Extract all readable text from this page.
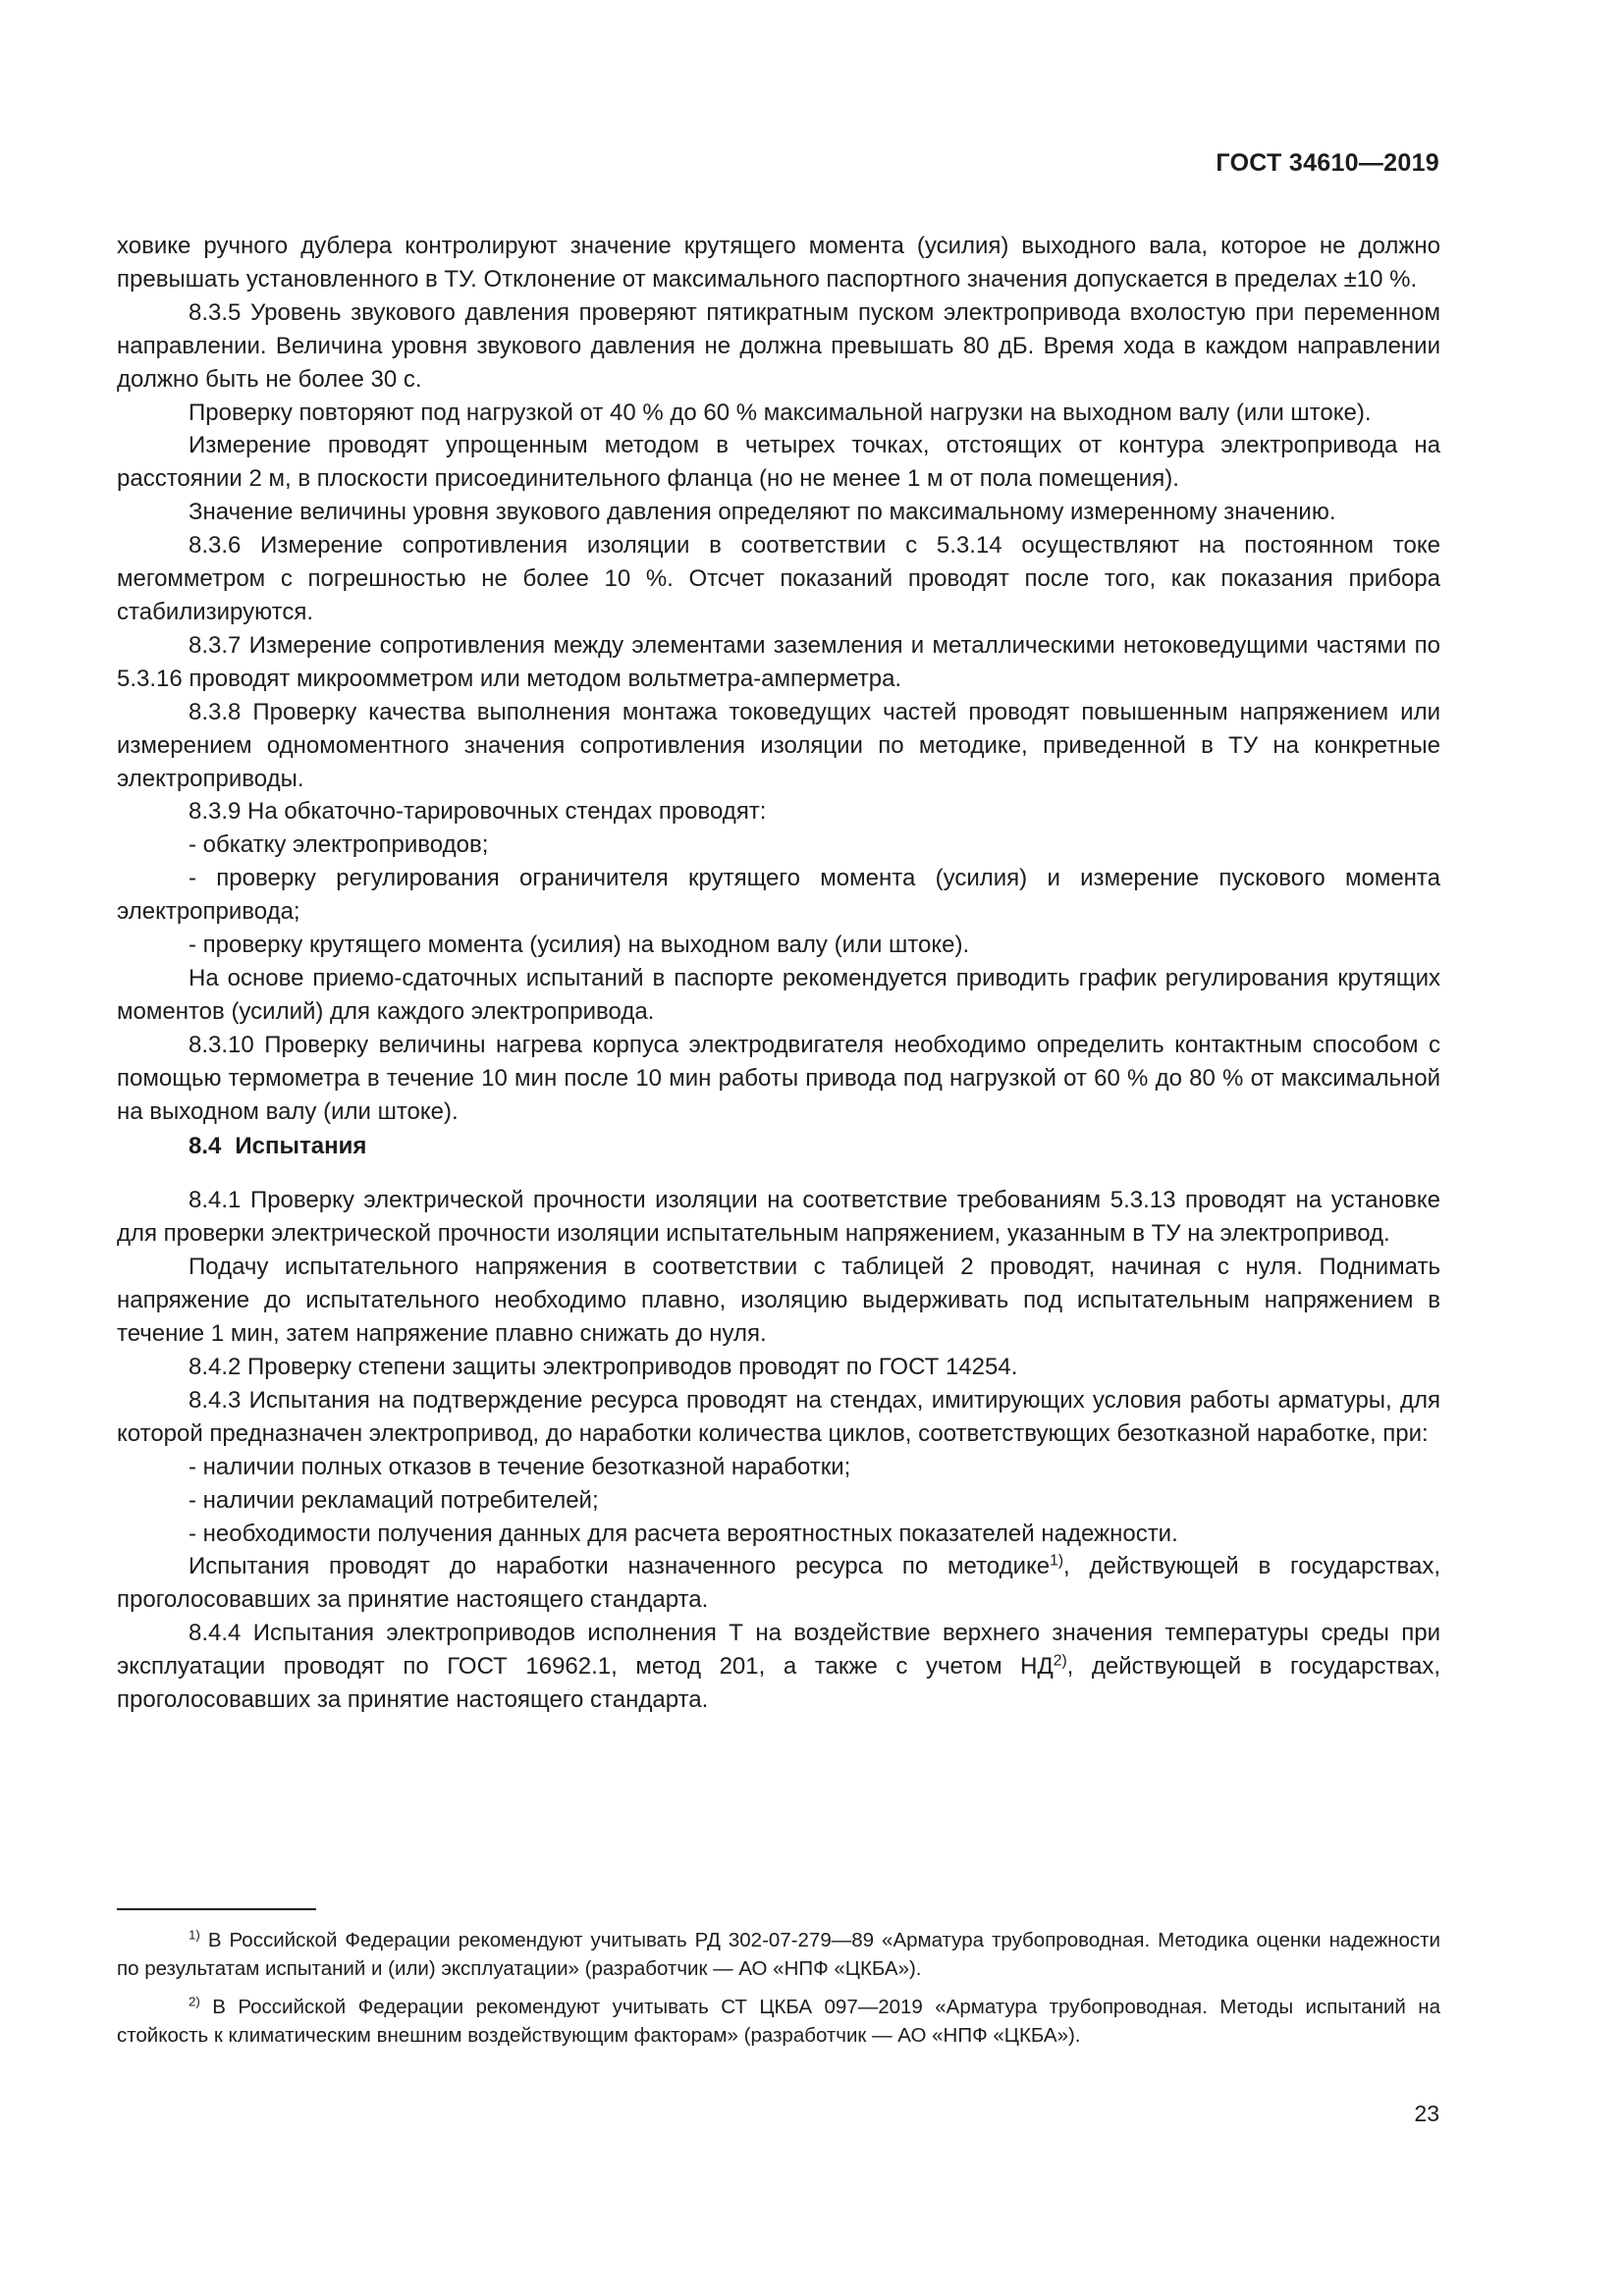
ГОСТ 34610—2019

ховике ручного дублера контролируют значение крутящего момента (усилия) выходного вала, которое не должно превышать установленного в ТУ. Отклонение от максимального паспортного значения допускается в пределах ±10 %.

8.3.5 Уровень звукового давления проверяют пятикратным пуском электропривода вхолостую при переменном направлении. Величина уровня звукового давления не должна превышать 80 дБ. Время хода в каждом направлении должно быть не более 30 с.

Проверку повторяют под нагрузкой от 40 % до 60 % максимальной нагрузки на выходном валу (или штоке).

Измерение проводят упрощенным методом в четырех точках, отстоящих от контура электропривода на расстоянии 2 м, в плоскости присоединительного фланца (но не менее 1 м от пола помещения).

Значение величины уровня звукового давления определяют по максимальному измеренному значению.

8.3.6 Измерение сопротивления изоляции в соответствии с 5.3.14 осуществляют на постоянном токе мегомметром с погрешностью не более 10 %. Отсчет показаний проводят после того, как показания прибора стабилизируются.

8.3.7 Измерение сопротивления между элементами заземления и металлическими нетоковедущими частями по 5.3.16 проводят микроомметром или методом вольтметра-амперметра.

8.3.8 Проверку качества выполнения монтажа токоведущих частей проводят повышенным напряжением или измерением одномоментного значения сопротивления изоляции по методике, приведенной в ТУ на конкретные электроприводы.

8.3.9 На обкаточно-тарировочных стендах проводят:

- обкатку электроприводов;

- проверку регулирования ограничителя крутящего момента (усилия) и измерение пускового момента электропривода;

- проверку крутящего момента (усилия) на выходном валу (или штоке).

На основе приемо-сдаточных испытаний в паспорте рекомендуется приводить график регулирования крутящих моментов (усилий) для каждого электропривода.

8.3.10 Проверку величины нагрева корпуса электродвигателя необходимо определить контактным способом с помощью термометра в течение 10 мин после 10 мин работы привода под нагрузкой от 60 % до 80 % от максимальной на выходном валу (или штоке).

8.4 Испытания

8.4.1 Проверку электрической прочности изоляции на соответствие требованиям 5.3.13 проводят на установке для проверки электрической прочности изоляции испытательным напряжением, указанным в ТУ на электропривод.

Подачу испытательного напряжения в соответствии с таблицей 2 проводят, начиная с нуля. Поднимать напряжение до испытательного необходимо плавно, изоляцию выдерживать под испытательным напряжением в течение 1 мин, затем напряжение плавно снижать до нуля.

8.4.2 Проверку степени защиты электроприводов проводят по ГОСТ 14254.

8.4.3 Испытания на подтверждение ресурса проводят на стендах, имитирующих условия работы арматуры, для которой предназначен электропривод, до наработки количества циклов, соответствующих безотказной наработке, при:

- наличии полных отказов в течение безотказной наработки;

- наличии рекламаций потребителей;

- необходимости получения данных для расчета вероятностных показателей надежности.

Испытания проводят до наработки назначенного ресурса по методике$^{1)}$, действующей в государствах, проголосовавших за принятие настоящего стандарта.

8.4.4 Испытания электроприводов исполнения Т на воздействие верхнего значения температуры среды при эксплуатации проводят по ГОСТ 16962.1, метод 201, а также с учетом НД$^{2)}$, действующей в государствах, проголосовавших за принятие настоящего стандарта.

$^{1)}$ В Российской Федерации рекомендуют учитывать РД 302-07-279—89 «Арматура трубопроводная. Методика оценки надежности по результатам испытаний и (или) эксплуатации» (разработчик — АО «НПФ «ЦКБА»).

$^{2)}$ В Российской Федерации рекомендуют учитывать СТ ЦКБА 097—2019 «Арматура трубопроводная. Методы испытаний на стойкость к климатическим внешним воздействующим факторам» (разработчик — АО «НПФ «ЦКБА»).

23
